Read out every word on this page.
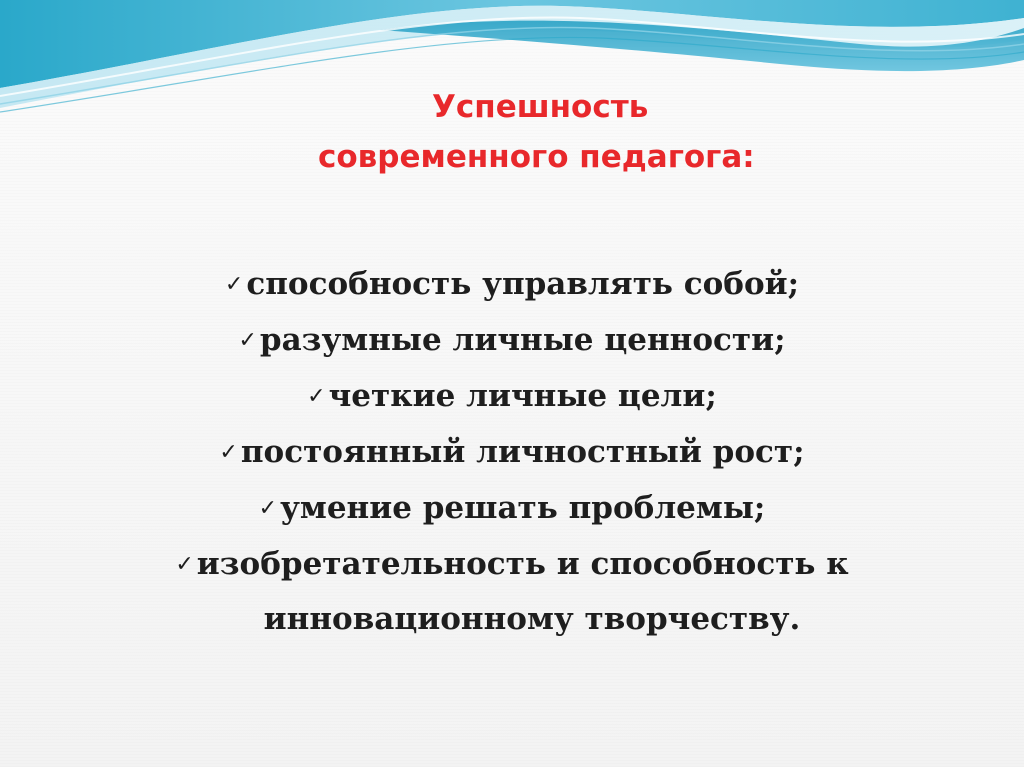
Успешность
современного педагога:
✓способность управлять собой;
✓разумные личные ценности;
✓четкие личные цели;
✓постоянный личностный рост;
✓умение решать проблемы;
✓изобретательность и способность к
инновационному творчеству.
